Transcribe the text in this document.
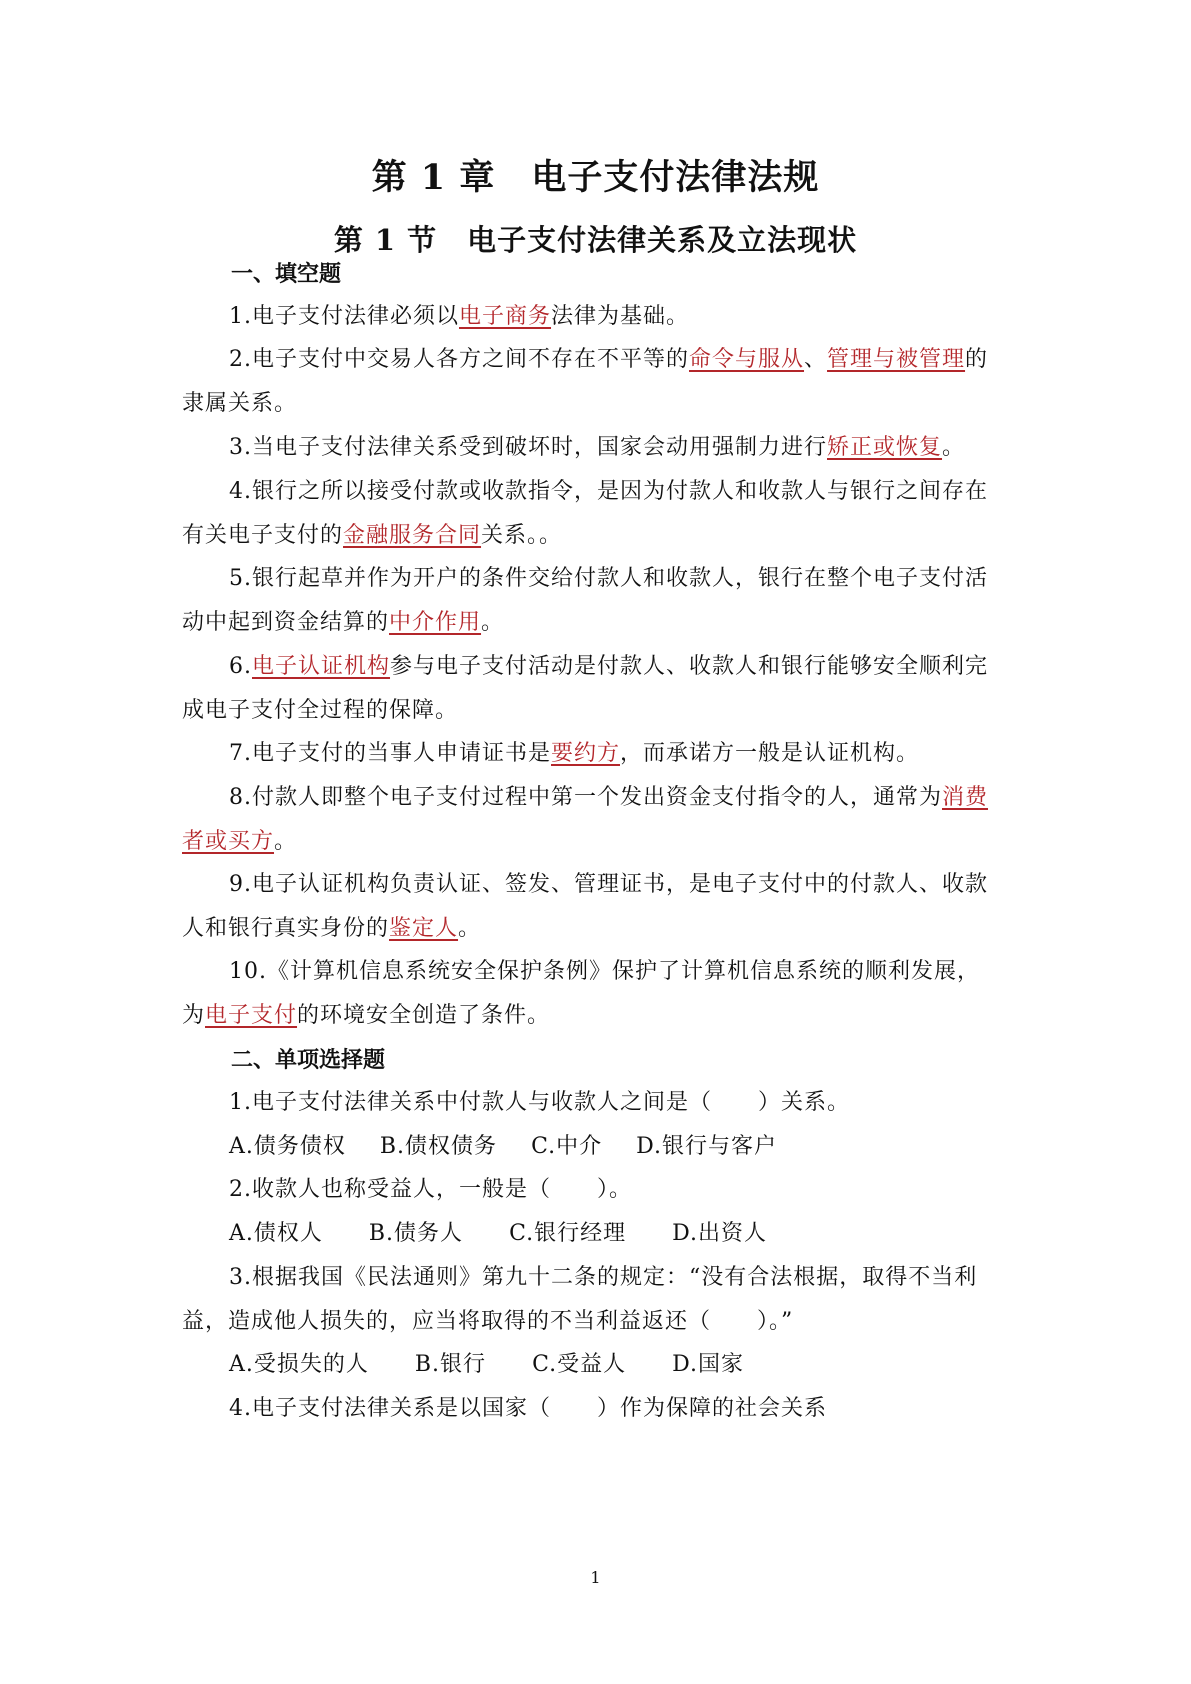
第 1 章　电子支付法律法规
第 1 节　电子支付法律关系及立法现状
一、填空题
1.电子支付法律必须以电子商务法律为基础。
2.电子支付中交易人各方之间不存在不平等的命令与服从、管理与被管理的
隶属关系。
3.当电子支付法律关系受到破坏时，国家会动用强制力进行矫正或恢复。
4.银行之所以接受付款或收款指令，是因为付款人和收款人与银行之间存在
有关电子支付的金融服务合同关系。。
5.银行起草并作为开户的条件交给付款人和收款人，银行在整个电子支付活
动中起到资金结算的中介作用。
6.电子认证机构参与电子支付活动是付款人、收款人和银行能够安全顺利完
成电子支付全过程的保障。
7.电子支付的当事人申请证书是要约方，而承诺方一般是认证机构。
8.付款人即整个电子支付过程中第一个发出资金支付指令的人，通常为消费
者或买方。
9.电子认证机构负责认证、签发、管理证书，是电子支付中的付款人、收款
人和银行真实身份的鉴定人。
10.《计算机信息系统安全保护条例》保护了计算机信息系统的顺利发展，
为电子支付的环境安全创造了条件。
二、单项选择题
1.电子支付法律关系中付款人与收款人之间是（　　）关系。
A.债务债权 B.债权债务 C.中介 D.银行与客户
2.收款人也称受益人，一般是（　　）。
A.债权人 B.债务人 C.银行经理 D.出资人
3.根据我国《民法通则》第九十二条的规定：“没有合法根据，取得不当利
益，造成他人损失的，应当将取得的不当利益返还（　　）。”
A.受损失的人 B.银行 C.受益人 D.国家
4.电子支付法律关系是以国家（　　）作为保障的社会关系
1
